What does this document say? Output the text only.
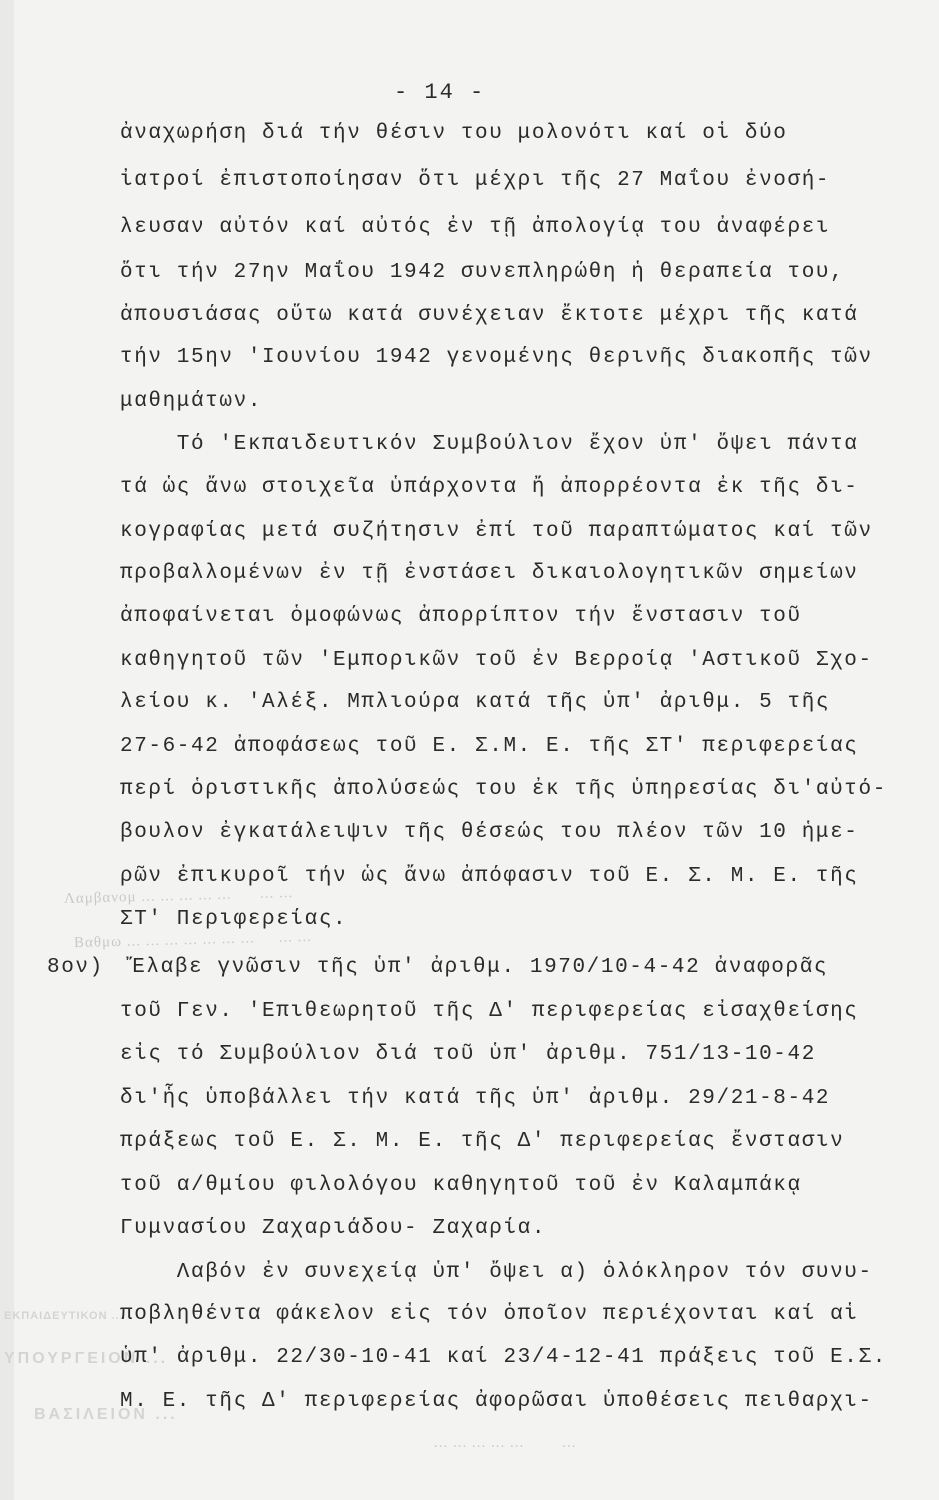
Λαμβανομ ... ... ... ... ...      ... ...
Βαθμω ... ... ... ... ... ... ...     ... ...
... ... ... ... ...        ...
ΕΚΠΑΙΔΕΥΤΙΚΟΝ ...
ΥΠΟΥΡΓΕΙΟΝ ...
ΒΑΣΙΛΕΙΟΝ ...
- 14 -
ἀναχωρήση διά τήν θέσιν του μολονότι καί οἱ δύο
ἰατροί ἐπιστοποίησαν ὅτι μέχρι τῆς 27 Μαΐου ἐνοσή-
λευσαν αὐτόν καί αὐτός ἐν τῇ ἀπολογίᾳ του ἀναφέρει
ὅτι τήν 27ην Μαΐου 1942 συνεπληρώθη ἡ θεραπεία του,
ἀπουσιάσας οὕτω κατά συνέχειαν ἔκτοτε μέχρι τῆς κατά
τήν 15ην 'Ιουνίου 1942 γενομένης θερινῆς διακοπῆς τῶν
μαθημάτων.
Τό 'Εκπαιδευτικόν Συμβούλιον ἔχον ὑπ' ὄψει πάντα
τά ὡς ἄνω στοιχεῖα ὑπάρχοντα ἤ ἀπορρέοντα ἐκ τῆς δι-
κογραφίας μετά συζήτησιν ἐπί τοῦ παραπτώματος καί τῶν
προβαλλομένων ἐν τῇ ἐνστάσει δικαιολογητικῶν σημείων
ἀποφαίνεται ὁμοφώνως ἀπορρίπτον τήν ἔνστασιν τοῦ
καθηγητοῦ τῶν 'Εμπορικῶν τοῦ ἐν Βερροίᾳ 'Αστικοῦ Σχο-
λείου κ. 'Αλέξ. Μπλιούρα κατά τῆς ὑπ' ἀριθμ. 5 τῆς
27-6-42 ἀποφάσεως τοῦ Ε. Σ.Μ. Ε. τῆς ΣΤ' περιφερείας
περί ὁριστικῆς ἀπολύσεώς του ἐκ τῆς ὑπηρεσίας δι'αὐτό-
βουλον ἐγκατάλειψιν τῆς θέσεώς του πλέον τῶν 10 ἡμε-
ρῶν ἐπικυροῖ τήν ὡς ἄνω ἀπόφασιν τοῦ Ε. Σ. Μ. Ε. τῆς
ΣΤ' Περιφερείας.
8ον)  Ἔλαβε γνῶσιν τῆς ὑπ' ἀριθμ. 1970/10-4-42 ἀναφορᾶς
τοῦ Γεν. 'Επιθεωρητοῦ τῆς Δ' περιφερείας εἰσαχθείσης
εἰς τό Συμβούλιον διά τοῦ ὑπ' ἀριθμ. 751/13-10-42
δι'ἧς ὑποβάλλει τήν κατά τῆς ὑπ' ἀριθμ. 29/21-8-42
πράξεως τοῦ Ε. Σ. Μ. Ε. τῆς Δ' περιφερείας ἔνστασιν
τοῦ α/θμίου φιλολόγου καθηγητοῦ τοῦ ἐν Καλαμπάκᾳ
Γυμνασίου Ζαχαριάδου- Ζαχαρία.
Λαβόν ἐν συνεχείᾳ ὑπ' ὄψει α) ὁλόκληρον τόν συνυ-
ποβληθέντα φάκελον εἰς τόν ὁποῖον περιέχονται καί αἱ
ὑπ' ἀριθμ. 22/30-10-41 καί 23/4-12-41 πράξεις τοῦ Ε.Σ.
Μ. Ε. τῆς Δ' περιφερείας ἀφορῶσαι ὑποθέσεις πειθαρχι-
